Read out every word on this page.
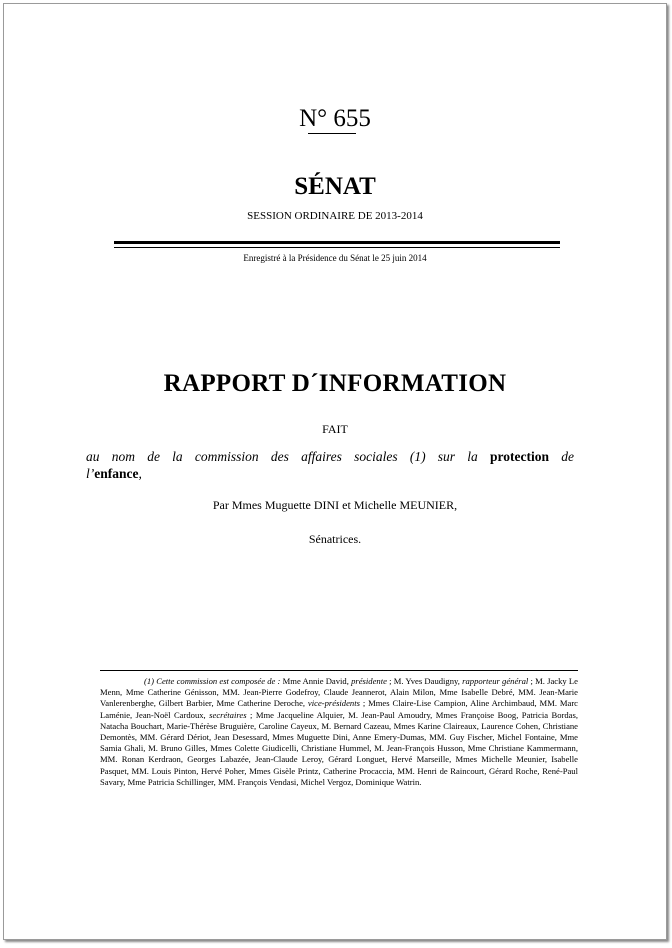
N° 655
SÉNAT
SESSION ORDINAIRE DE 2013-2014
Enregistré à la Présidence du Sénat le 25 juin 2014
RAPPORT D´INFORMATION
FAIT
au nom de la commission des affaires sociales (1) sur la protection de
l’enfance,
Par Mmes Muguette DINI et Michelle MEUNIER,
Sénatrices.
(1) Cette commission est composée de : Mme Annie David, présidente ; M. Yves Daudigny, rapporteur général ; M. Jacky Le Menn, Mme Catherine Génisson, MM. Jean-Pierre Godefroy, Claude Jeannerot, Alain Milon, Mme Isabelle Debré, MM. Jean-Marie Vanlerenberghe, Gilbert Barbier, Mme Catherine Deroche, vice-présidents ; Mmes Claire-Lise Campion, Aline Archimbaud, MM. Marc Laménie, Jean-Noël Cardoux, secrétaires ; Mme Jacqueline Alquier, M. Jean-Paul Amoudry, Mmes Françoise Boog, Patricia Bordas, Natacha Bouchart, Marie-Thérèse Bruguière, Caroline Cayeux, M. Bernard Cazeau, Mmes Karine Claireaux, Laurence Cohen, Christiane Demontès, MM. Gérard Dériot, Jean Desessard, Mmes Muguette Dini, Anne Emery-Dumas, MM. Guy Fischer, Michel Fontaine, Mme Samia Ghali, M. Bruno Gilles, Mmes Colette Giudicelli, Christiane Hummel, M. Jean-François Husson, Mme Christiane Kammermann, MM. Ronan Kerdraon, Georges Labazée, Jean-Claude Leroy, Gérard Longuet, Hervé Marseille, Mmes Michelle Meunier, Isabelle Pasquet, MM. Louis Pinton, Hervé Poher, Mmes Gisèle Printz, Catherine Procaccia, MM. Henri de Raincourt, Gérard Roche, René-Paul Savary, Mme Patricia Schillinger, MM. François Vendasi, Michel Vergoz, Dominique Watrin.
